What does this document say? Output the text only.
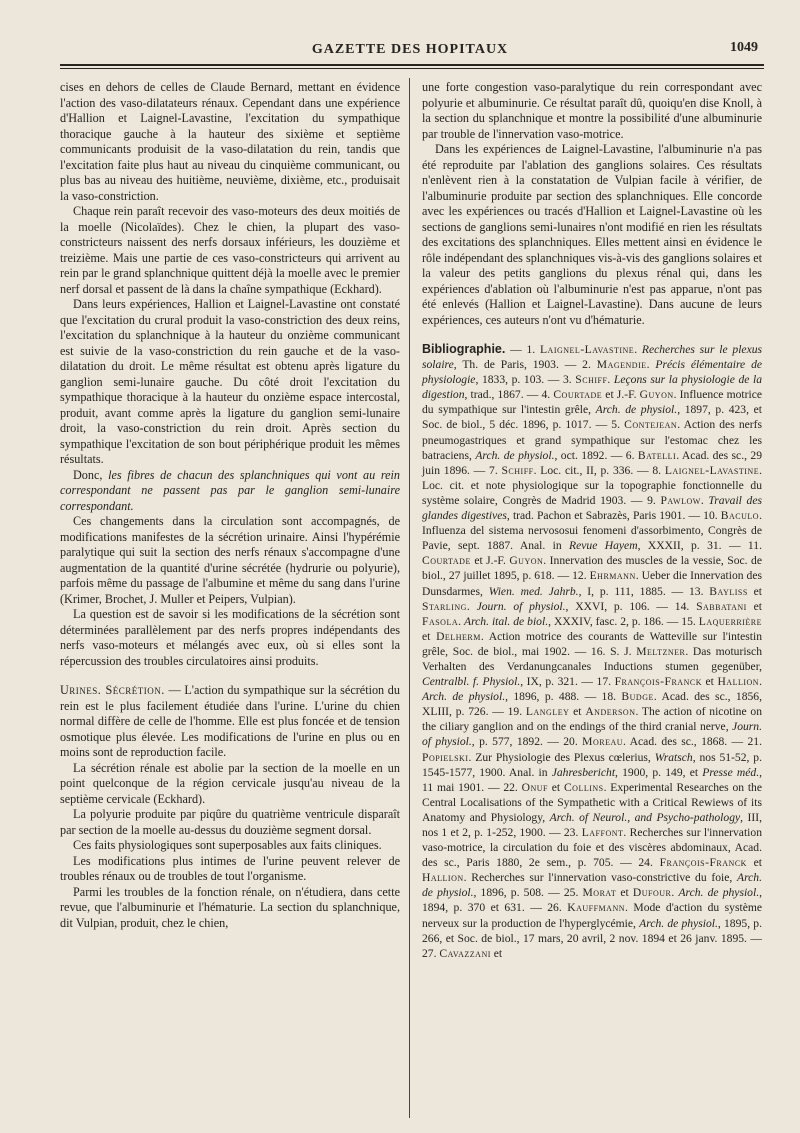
GAZETTE DES HOPITAUX	1049

cises en dehors de celles de Claude Bernard, mettant en évidence l'action des vaso-dilatateurs rénaux. Cependant dans une expérience d'Hallion et Laignel-Lavastine, l'excitation du sympathique thoracique gauche à la hauteur des sixième et septième communicants produisit de la vaso-dilatation du rein, tandis que l'excitation faite plus haut au niveau du cinquième communicant, ou plus bas au niveau des huitième, neuvième, dixième, etc., produisait la vaso-constriction.

Chaque rein paraît recevoir des vaso-moteurs des deux moitiés de la moelle (Nicolaïdes). Chez le chien, la plupart des vaso-constricteurs naissent des nerfs dorsaux inférieurs, les douzième et treizième. Mais une partie de ces vaso-constricteurs qui arrivent au rein par le grand splanchnique quittent déjà la moelle avec le premier nerf dorsal et passent de là dans la chaîne sympathique (Eckhard).

Dans leurs expériences, Hallion et Laignel-Lavastine ont constaté que l'excitation du crural produit la vaso-constriction des deux reins, l'excitation du splanchnique à la hauteur du onzième communicant est suivie de la vaso-constriction du rein gauche et de la vaso-dilatation du droit. Le même résultat est obtenu après ligature du ganglion semi-lunaire gauche. Du côté droit l'excitation du sympathique thoracique à la hauteur du onzième espace intercostal, produit, avant comme après la ligature du ganglion semi-lunaire droit, la vaso-constriction du rein droit. Après section du sympathique l'excitation de son bout périphérique produit les mêmes résultats.

Donc, les fibres de chacun des splanchniques qui vont au rein correspondant ne passent pas par le ganglion semi-lunaire correspondant.

Ces changements dans la circulation sont accompagnés, de modifications manifestes de la sécrétion urinaire. Ainsi l'hypérémie paralytique qui suit la section des nerfs rénaux s'accompagne d'une augmentation de la quantité d'urine sécrétée (hydrurie ou polyurie), parfois même du passage de l'albumine et même du sang dans l'urine (Krimer, Brochet, J. Muller et Peipers, Vulpian).

La question est de savoir si les modifications de la sécrétion sont déterminées parallèlement par des nerfs propres indépendants des nerfs vaso-moteurs et mélangés avec eux, où si elles sont la répercussion des troubles circulatoires ainsi produits.

Urines. Sécrétion. — L'action du sympathique sur la sécrétion du rein est le plus facilement étudiée dans l'urine. L'urine du chien normal diffère de celle de l'homme. Elle est plus foncée et de tension osmotique plus élevée. Les modifications de l'urine en plus ou en moins sont de reproduction facile.

La sécrétion rénale est abolie par la section de la moelle en un point quelconque de la région cervicale jusqu'au niveau de la septième cervicale (Eckhard).

La polyurie produite par piqûre du quatrième ventricule disparaît par section de la moelle au-dessus du douzième segment dorsal.

Ces faits physiologiques sont superposables aux faits cliniques.

Les modifications plus intimes de l'urine peuvent relever de troubles rénaux ou de troubles de tout l'organisme.

Parmi les troubles de la fonction rénale, on n'étudiera, dans cette revue, que l'albuminurie et l'hématurie. La section du splanchnique, dit Vulpian, produit, chez le chien,

une forte congestion vaso-paralytique du rein correspondant avec polyurie et albuminurie. Ce résultat paraît dû, quoiqu'en dise Knoll, à la section du splanchnique et montre la possibilité d'une albuminurie par trouble de l'innervation vaso-motrice.

Dans les expériences de Laignel-Lavastine, l'albuminurie n'a pas été reproduite par l'ablation des ganglions solaires. Ces résultats n'enlèvent rien à la constatation de Vulpian facile à vérifier, de l'albuminurie produite par section des splanchniques. Elle concorde avec les expériences ou tracés d'Hallion et Laignel-Lavastine où les sections de ganglions semi-lunaires n'ont modifié en rien les résultats des excitations des splanchniques. Elles mettent ainsi en évidence le rôle indépendant des splanchniques vis-à-vis des ganglions solaires et la valeur des petits ganglions du plexus rénal qui, dans les expériences d'ablation où l'albuminurie n'est pas apparue, n'ont pas été enlevés (Hallion et Laignel-Lavastine). Dans aucune de leurs expériences, ces auteurs n'ont vu d'hématurie.

Bibliographie. — 1. Laignel-Lavastine. Recherches sur le plexus solaire, Th. de Paris, 1903. — 2. Magendie. Précis élémentaire de physiologie, 1833, p. 103. — 3. Schiff. Leçons sur la physiologie de la digestion, trad., 1867. — 4. Courtade et J.-F. Guyon. Influence motrice du sympathique sur l'intestin grêle, Arch. de physiol., 1897, p. 423, et Soc. de biol., 5 déc. 1896, p. 1017. — 5. Contejean. Action des nerfs pneumogastriques et grand sympathique sur l'estomac chez les batraciens, Arch. de physiol., oct. 1892. — 6. Batelli. Acad. des sc., 29 juin 1896. — 7. Schiff. Loc. cit., II, p. 336. — 8. Laignel-Lavastine. Loc. cit. et note physiologique sur la topographie fonctionnelle du système solaire, Congrès de Madrid 1903. — 9. Pawlow. Travail des glandes digestives, trad. Pachon et Sabrazès, Paris 1901. — 10. Baculo. Influenza del sistema nervososui fenomeni d'assorbimento, Congrès de Pavie, sept. 1887. Anal. in Revue Hayem, XXXII, p. 31. — 11. Courtade et J.-F. Guyon. Innervation des muscles de la vessie, Soc. de biol., 27 juillet 1895, p. 618. — 12. Ehrmann. Ueber die Innervation des Dunsdarmes, Wien. med. Jahrb., I, p. 111, 1885. — 13. Bayliss et Starling. Journ. of physiol., XXVI, p. 106. — 14. Sabbatani et Fasola. Arch. ital. de biol., XXXIV, fasc. 2, p. 186. — 15. Laquerrière et Delherm. Action motrice des courants de Watteville sur l'intestin grêle, Soc. de biol., mai 1902. — 16. S. J. Meltzner. Das moturisch Verhalten des Verdanungcanales Inductions stumen gegenüber, Centralbl. f. Physiol., IX, p. 321. — 17. François-Franck et Hallion. Arch. de physiol., 1896, p. 488. — 18. Budge. Acad. des sc., 1856, XLIII, p. 726. — 19. Langley et Anderson. The action of nicotine on the ciliary ganglion and on the endings of the third cranial nerve, Journ. of physiol., p. 577, 1892. — 20. Moreau. Acad. des sc., 1868. — 21. Popielski. Zur Physiologie des Plexus cœlerius, Wratsch, nos 51-52, p. 1545-1577, 1900. Anal. in Jahresbericht, 1900, p. 149, et Presse méd., 11 mai 1901. — 22. Onuf et Collins. Experimental Researches on the Central Localisations of the Sympathetic with a Critical Rewiews of its Anatomy and Physiology, Arch. of Neurol., and Psycho-pathology, III, nos 1 et 2, p. 1-252, 1900. — 23. Laffont. Recherches sur l'innervation vaso-motrice, la circulation du foie et des viscères abdominaux, Acad. des sc., Paris 1880, 2e sem., p. 705. — 24. François-Franck et Hallion. Recherches sur l'innervation vaso-constrictive du foie, Arch. de physiol., 1896, p. 508. — 25. Morat et Dufour. Arch. de physiol., 1894, p. 370 et 631. — 26. Kauffmann. Mode d'action du système nerveux sur la production de l'hyperglycémie, Arch. de physiol., 1895, p. 266, et Soc. de biol., 17 mars, 20 avril, 2 nov. 1894 et 26 janv. 1895. — 27. Cavazzani et
